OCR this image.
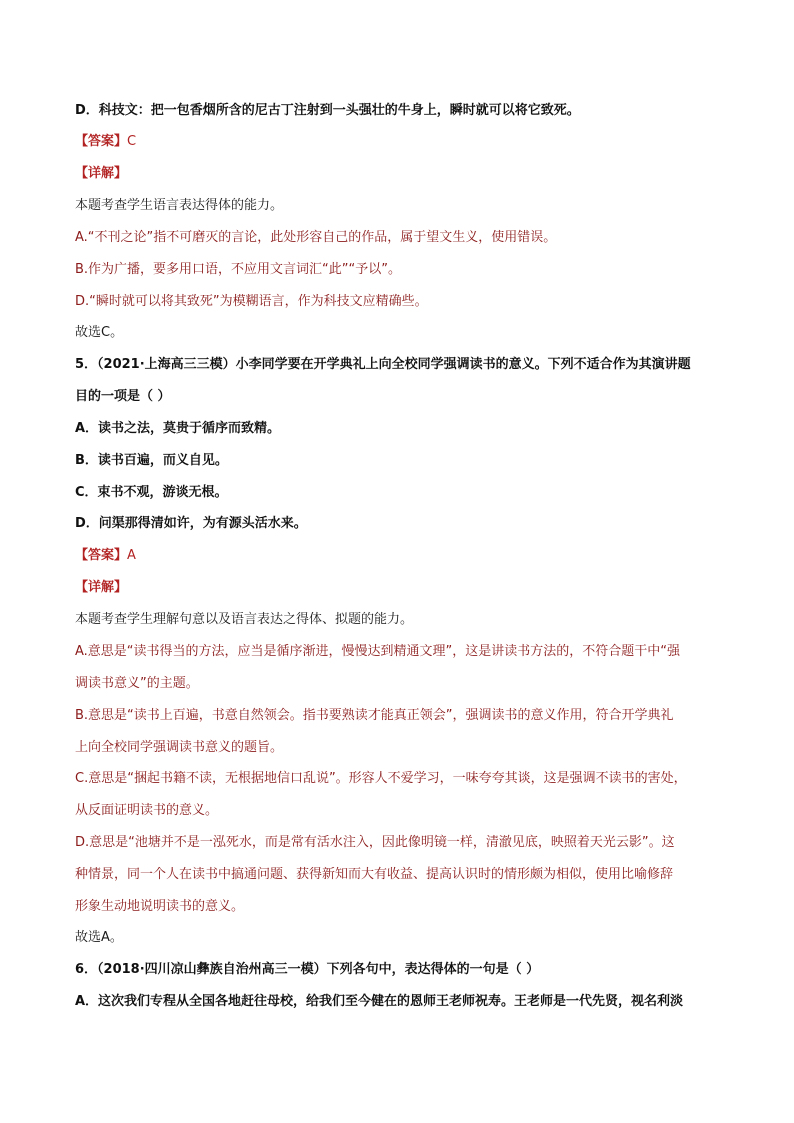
D．科技文：把一包香烟所含的尼古丁注射到一头强壮的牛身上，瞬时就可以将它致死。
【答案】C
【详解】
本题考查学生语言表达得体的能力。
A.“不刊之论”指不可磨灭的言论，此处形容自己的作品，属于望文生义，使用错误。
B.作为广播，要多用口语，不应用文言词汇“此”“予以”。
D.“瞬时就可以将其致死”为模糊语言，作为科技文应精确些。
故选C。
5．（2021·上海高三三模）小李同学要在开学典礼上向全校同学强调读书的意义。下列不适合作为其演讲题
目的一项是（ ）
A．读书之法，莫贵于循序而致精。
B．读书百遍，而义自见。
C．束书不观，游谈无根。
D．问渠那得清如许，为有源头活水来。
【答案】A
【详解】
本题考查学生理解句意以及语言表达之得体、拟题的能力。
A.意思是“读书得当的方法，应当是循序渐进，慢慢达到精通文理”，这是讲读书方法的，不符合题干中“强
调读书意义”的主题。
B.意思是“读书上百遍，书意自然领会。指书要熟读才能真正领会”，强调读书的意义作用，符合开学典礼
上向全校同学强调读书意义的题旨。
C.意思是“捆起书籍不读，无根据地信口乱说”。形容人不爱学习，一味夸夸其谈，这是强调不读书的害处，
从反面证明读书的意义。
D.意思是“池塘并不是一泓死水，而是常有活水注入，因此像明镜一样，清澈见底，映照着天光云影”。这
种情景，同一个人在读书中搞通问题、获得新知而大有收益、提高认识时的情形颇为相似，使用比喻修辞
形象生动地说明读书的意义。
故选A。
6．（2018·四川凉山彝族自治州高三一模）下列各句中，表达得体的一句是（ ）
A．这次我们专程从全国各地赶往母校，给我们至今健在的恩师王老师祝寿。王老师是一代先贤，视名利淡
